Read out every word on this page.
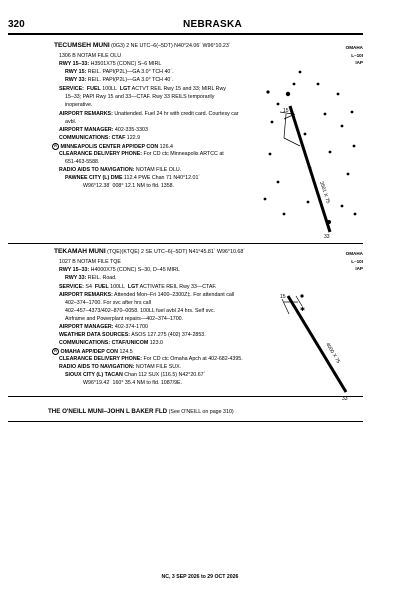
320	NEBRASKA
TECUMSEH MUNI (0G3) 2 NE UTC–6(–5DT) N40°24.06´ W96°10.23´	OMAHA
L–10I
IAP
1306 B NOTAM FILE OLU
RWY 15–33: H3501X75 (CONC) S–6 MIRL
RWY 15: REIL. PAPI(P2L)—GA 3.0° TCH 40´.
RWY 33: REIL. PAPI(P2L)—GA 3.0° TCH 40´.
SERVICE: FUEL 100LL LGT ACTVT REIL Rwy 15 and 33; MIRL Rwy
15–33; PAPI Rwy 15 and 33—CTAF. Rwy 33 REILS temporarily
inoperative.
AIRPORT REMARKS: Unattended. Fuel 24 hr with credit card. Courtesy car
avbl.
AIRPORT MANAGER: 402-335-3303
COMMUNICATIONS: CTAF 122.9
R MINNEAPOLIS CENTER APP/DEP CON 126.4
CLEARANCE DELIVERY PHONE: For CD ctc Minneapolis ARTCC at
651-463-5588.
RADIO AIDS TO NAVIGATION: NOTAM FILE OLU.
PAWNEE CITY (L) DME 112.4 PWE Chan 71 N40°12.01´
W96°12.38´ 008° 12.1 NM to fld. 1358.
15
33
3501 X 75
TEKAMAH MUNI (TQE)(KTQE) 2 SE UTC–6(–5DT) N41°45.81´ W96°10.68´	OMAHA
L–10I
IAP
1027 B NOTAM FILE TQE
RWY 15–33: H4000X75 (CONC) S–30, D–45 MIRL
RWY 33: REIL. Road.
SERVICE: S4 FUEL 100LL LGT ACTIVATE REIL Rwy 33—CTAF.
AIRPORT REMARKS: Attended Mon–Fri 1400–2300Z‡. For attendant call
402–374–1700. For svc after hrs call
402–457–4373/402–870–0058. 100LL fuel avbl 24 hrs. Self svc.
Airframe and Powerplant repairs—402–374–1700.
AIRPORT MANAGER: 402-374-1700
WEATHER DATA SOURCES: ASOS 127.275 (402) 374-2853.
COMMUNICATIONS: CTAF/UNICOM 123.0
R OMAHA APP/DEP CON 124.5
CLEARANCE DELIVERY PHONE: For CD ctc Omaha Apch at 402-682-4395.
RADIO AIDS TO NAVIGATION: NOTAM FILE SUX.
SIOUX CITY (L) TACAN Chan 112 SUX (116.5) N42°20.67´
W96°19.42´ 160° 35.4 NM to fld. 1087/9E.
✱
15
33
4000 X 75
THE O'NEILL MUNI–JOHN L BAKER FLD (See O'NEILL on page 310)
NC, 3 SEP 2026 to 29 OCT 2026
